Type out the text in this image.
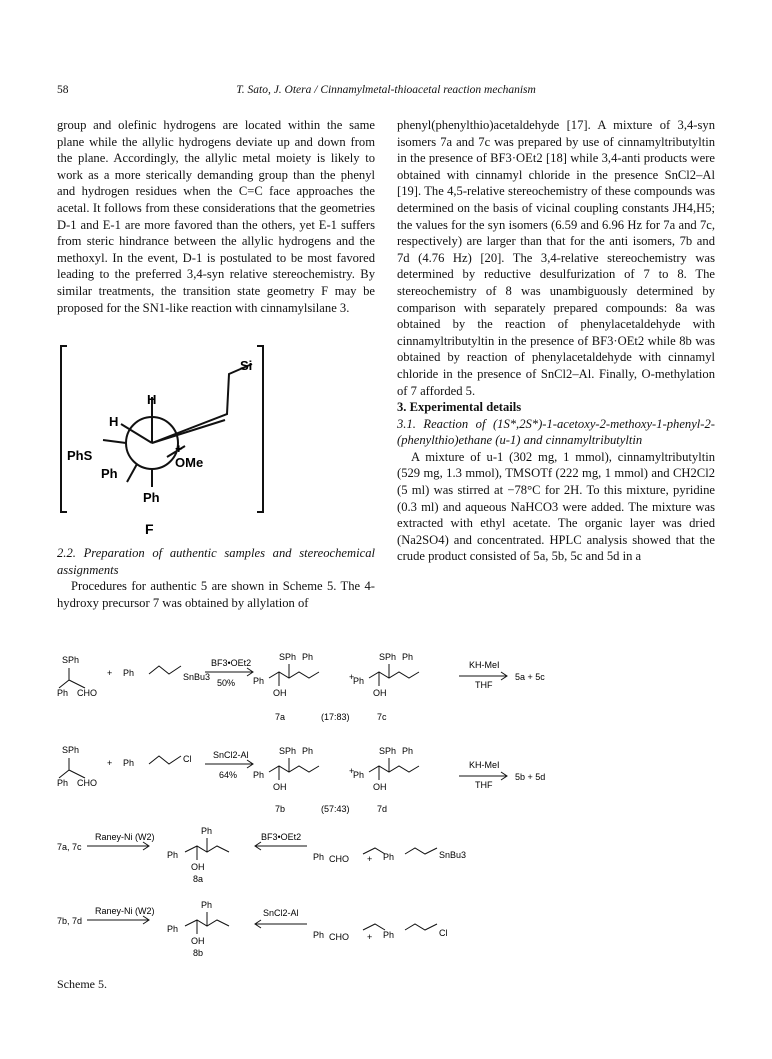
58	T. Sato, J. Otera / Cinnamylmetal-thioacetal reaction mechanism

group and olefinic hydrogens are located within the same plane while the allylic hydrogens deviate up and down from the plane. Accordingly, the allylic metal moiety is likely to work as a more sterically demanding group than the phenyl and hydrogen residues when the C=C face approaches the acetal. It follows from these considerations that the geometries D-1 and E-1 are more favored than the others, yet E-1 suffers from steric hindrance between the allylic hydrogens and the methoxyl. In the event, D-1 is postulated to be most favored leading to the preferred 3,4-syn relative stereochemistry. By similar treatments, the transition state geometry F may be proposed for the SN1-like reaction with cinnamylsilane 3.

Si
H
H
PhS	+
OMe
Ph
Ph
F

2.2. Preparation of authentic samples and stereochemical assignments

Procedures for authentic 5 are shown in Scheme 5. The 4-hydroxy precursor 7 was obtained by allylation of

phenyl(phenylthio)acetaldehyde [17]. A mixture of 3,4-syn isomers 7a and 7c was prepared by use of cinnamyltributyltin in the presence of BF3·OEt2 [18] while 3,4-anti products were obtained with cinnamyl chloride in the presence SnCl2–Al [19]. The 4,5-relative stereochemistry of these compounds was determined on the basis of vicinal coupling constants JH4,H5; the values for the syn isomers (6.59 and 6.96 Hz for 7a and 7c, respectively) are larger than that for the anti isomers, 7b and 7d (4.76 Hz) [20]. The 3,4-relative stereochemistry was determined by reductive desulfurization of 7 to 8. The stereochemistry of 8 was unambiguously determined by comparison with separately prepared compounds: 8a was obtained by the reaction of phenylacetaldehyde with cinnamyltributyltin in the presence of BF3·OEt2 while 8b was obtained by reaction of phenylacetaldehyde with cinnamyl chloride in the presence of SnCl2–Al. Finally, O-methylation of 7 afforded 5.

3. Experimental details

3.1. Reaction of (1S*,2S*)-1-acetoxy-2-methoxy-1-phenyl-2-(phenylthio)ethane (u-1) and cinnamyltributyltin

A mixture of u-1 (302 mg, 1 mmol), cinnamyltributyltin (529 mg, 1.3 mmol), TMSOTf (222 mg, 1 mmol) and CH2Cl2 (5 ml) was stirred at −78°C for 2H. To this mixture, pyridine (0.3 ml) and aqueous NaHCO3 were added. The mixture was extracted with ethyl acetate. The organic layer was dried (Na2SO4) and concentrated. HPLC analysis showed that the crude product consisted of 5a, 5b, 5c and 5d in a

SPh
Ph CHO
+ Ph	SnBu3
BF3•OEt2
50%
SPh Ph
Ph
OH
+
SPh Ph
Ph
OH
7a	(17:83)	7c
KH-MeI
THF
5a + 5c
SPh
Ph CHO
+ Ph	Cl SnCl2-Al
64%
SPh Ph
Ph
OH
+
SPh Ph
Ph
OH
7b	(57:43)	7d
KH-MeI
THF
5b + 5d
7a, 7c
Raney-Ni (W2)
Ph
Ph
OH
8a
BF3•OEt2
Ph CHO + Ph	SnBu3
7b, 7d
Raney-Ni (W2)
Ph
Ph
OH
8b
SnCl2-Al
Ph CHO + Ph	Cl
Scheme 5.
